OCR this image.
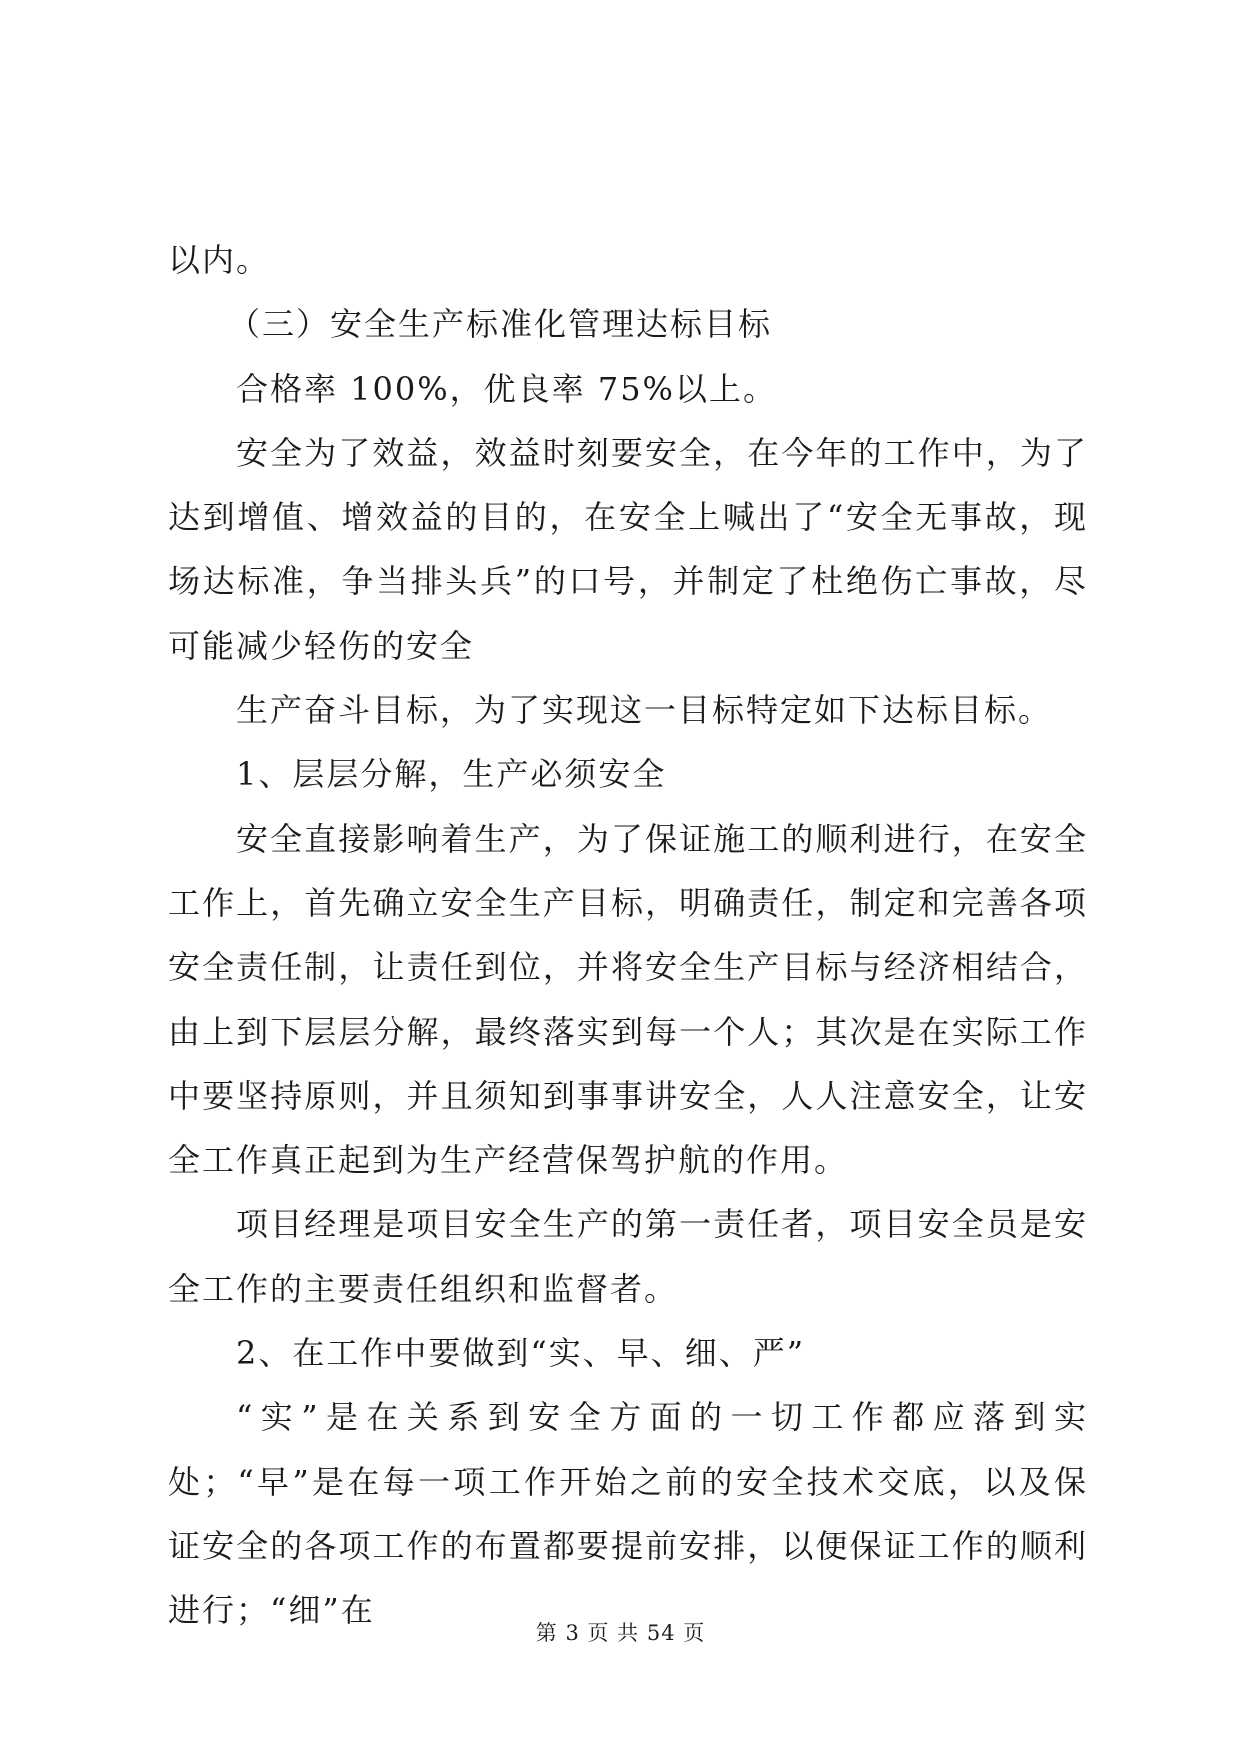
以内。

（三）安全生产标准化管理达标目标

合格率 100%，优良率 75%以上。

安全为了效益，效益时刻要安全，在今年的工作中，为了达到增值、增效益的目的，在安全上喊出了“安全无事故，现场达标准，争当排头兵”的口号，并制定了杜绝伤亡事故，尽可能减少轻伤的安全

生产奋斗目标，为了实现这一目标特定如下达标目标。

1、层层分解，生产必须安全

安全直接影响着生产，为了保证施工的顺利进行，在安全工作上，首先确立安全生产目标，明确责任，制定和完善各项安全责任制，让责任到位，并将安全生产目标与经济相结合，由上到下层层分解，最终落实到每一个人；其次是在实际工作中要坚持原则，并且须知到事事讲安全，人人注意安全，让安全工作真正起到为生产经营保驾护航的作用。

项目经理是项目安全生产的第一责任者，项目安全员是安全工作的主要责任组织和监督者。

2、在工作中要做到“实、早、细、严”

“实”是在关系到安全方面的一切工作都应落到实处；“早”是在每一项工作开始之前的安全技术交底，以及保证安全的各项工作的布置都要提前安排，以便保证工作的顺利进行；“细”在

第 3 页 共 54 页
